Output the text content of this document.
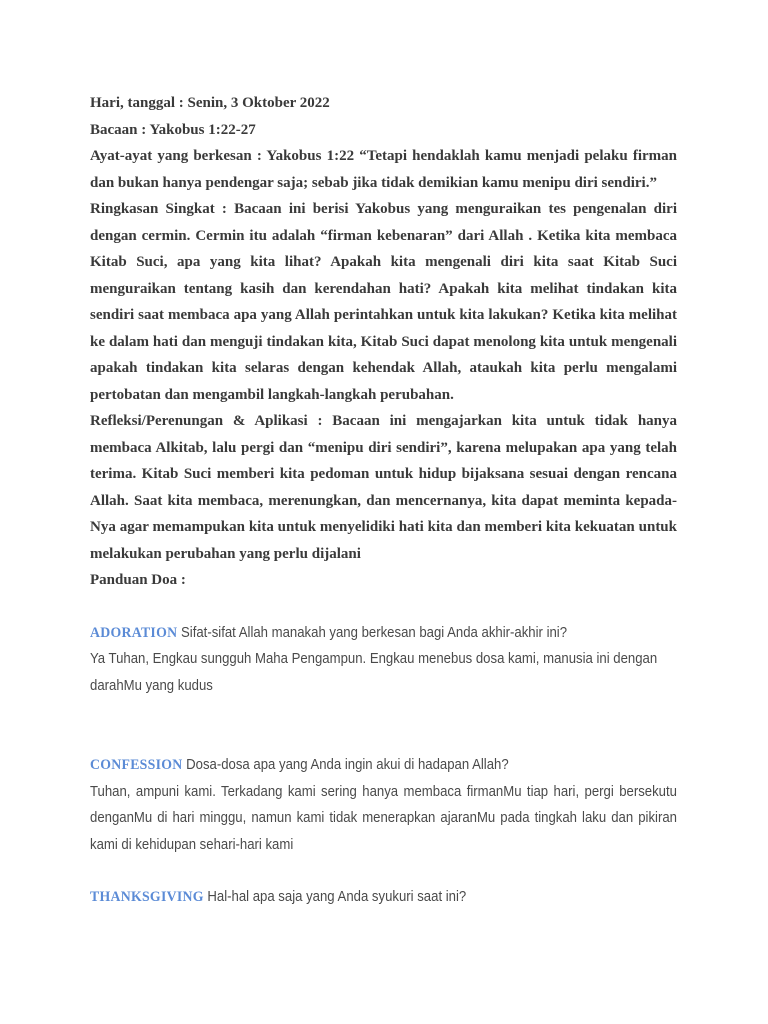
Hari, tanggal : Senin, 3 Oktober 2022

Bacaan : Yakobus 1:22-27

Ayat-ayat yang berkesan : Yakobus 1:22 “Tetapi hendaklah kamu menjadi pelaku firman dan bukan hanya pendengar saja; sebab jika tidak demikian kamu menipu diri sendiri.”

Ringkasan Singkat : Bacaan ini berisi Yakobus yang menguraikan tes pengenalan diri dengan cermin. Cermin itu adalah “firman kebenaran” dari Allah . Ketika kita membaca Kitab Suci, apa yang kita lihat? Apakah kita mengenali diri kita saat Kitab Suci menguraikan tentang kasih dan kerendahan hati? Apakah kita melihat tindakan kita sendiri saat membaca apa yang Allah perintahkan untuk kita lakukan? Ketika kita melihat ke dalam hati dan menguji tindakan kita, Kitab Suci dapat menolong kita untuk mengenali apakah tindakan kita selaras dengan kehendak Allah, ataukah kita perlu mengalami pertobatan dan mengambil langkah-langkah perubahan.

Refleksi/Perenungan & Aplikasi : Bacaan ini mengajarkan kita untuk tidak hanya membaca Alkitab, lalu pergi dan “menipu diri sendiri”, karena melupakan apa yang telah terima. Kitab Suci memberi kita pedoman untuk hidup bijaksana sesuai dengan rencana Allah. Saat kita membaca, merenungkan, dan mencernanya, kita dapat meminta kepada-Nya agar memampukan kita untuk menyelidiki hati kita dan memberi kita kekuatan untuk melakukan perubahan yang perlu dijalani

Panduan Doa :

ADORATION Sifat-sifat Allah manakah yang berkesan bagi Anda akhir-akhir ini?

Ya Tuhan, Engkau sungguh Maha Pengampun. Engkau menebus dosa kami, manusia ini dengan darahMu yang kudus

CONFESSION Dosa-dosa apa yang Anda ingin akui di hadapan Allah?

Tuhan, ampuni kami. Terkadang kami sering hanya membaca firmanMu tiap hari, pergi bersekutu denganMu di hari minggu, namun kami tidak menerapkan ajaranMu pada tingkah laku dan pikiran kami di kehidupan sehari-hari kami

THANKSGIVING Hal-hal apa saja yang Anda syukuri saat ini?
